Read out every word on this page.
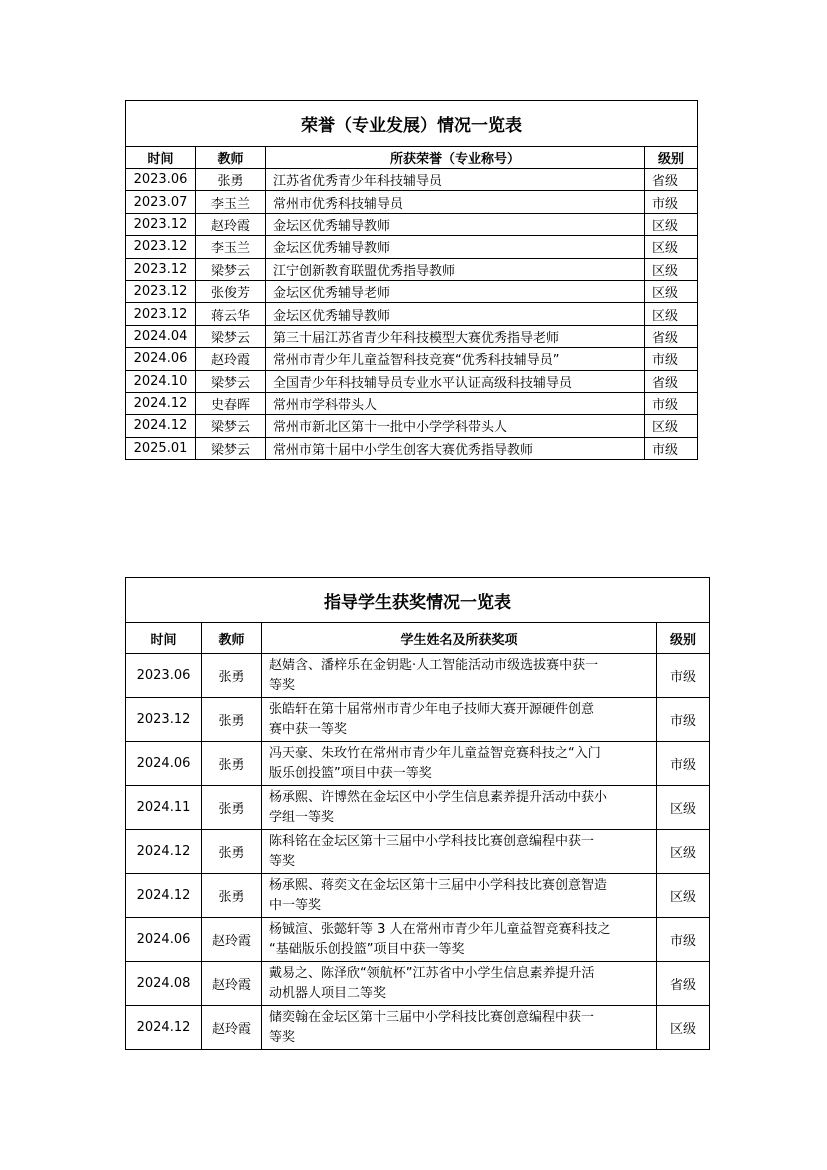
荣誉（专业发展）情况一览表			
时间	教师	所获荣誉（专业称号）	级别
2023.06	张勇	江苏省优秀青少年科技辅导员	省级
2023.07	李玉兰	常州市优秀科技辅导员	市级
2023.12	赵玲霞	金坛区优秀辅导教师	区级
2023.12	李玉兰	金坛区优秀辅导教师	区级
2023.12	梁梦云	江宁创新教育联盟优秀指导教师	区级
2023.12	张俊芳	金坛区优秀辅导老师	区级
2023.12	蒋云华	金坛区优秀辅导教师	区级
2024.04	梁梦云	第三十届江苏省青少年科技模型大赛优秀指导老师	省级
2024.06	赵玲霞	常州市青少年儿童益智科技竞赛“优秀科技辅导员”	市级
2024.10	梁梦云	全国青少年科技辅导员专业水平认证高级科技辅导员	省级
2024.12	史春晖	常州市学科带头人	市级
2024.12	梁梦云	常州市新北区第十一批中小学学科带头人	区级
2025.01	梁梦云	常州市第十届中小学生创客大赛优秀指导教师	市级
指导学生获奖情况一览表			
时间	教师	学生姓名及所获奖项	级别
2023.06	张勇	赵婧含、潘梓乐在金钥匙·人工智能活动市级选拔赛中获一
等奖	市级
2023.12	张勇	张皓轩在第十届常州市青少年电子技师大赛开源硬件创意
赛中获一等奖	市级
2024.06	张勇	冯天豪、朱玫竹在常州市青少年儿童益智竞赛科技之“入门
版乐创投篮”项目中获一等奖	市级
2024.11	张勇	杨承熙、许博然在金坛区中小学生信息素养提升活动中获小
学组一等奖	区级
2024.12	张勇	陈科铭在金坛区第十三届中小学科技比赛创意编程中获一
等奖	区级
2024.12	张勇	杨承熙、蒋奕文在金坛区第十三届中小学科技比赛创意智造
中一等奖	区级
2024.06	赵玲霞	杨铖渲、张懿轩等 3 人在常州市青少年儿童益智竞赛科技之
“基础版乐创投篮”项目中获一等奖	市级
2024.08	赵玲霞	戴易之、陈泽欣“领航杯”江苏省中小学生信息素养提升活
动机器人项目二等奖	省级
2024.12	赵玲霞	储奕翰在金坛区第十三届中小学科技比赛创意编程中获一
等奖	区级
